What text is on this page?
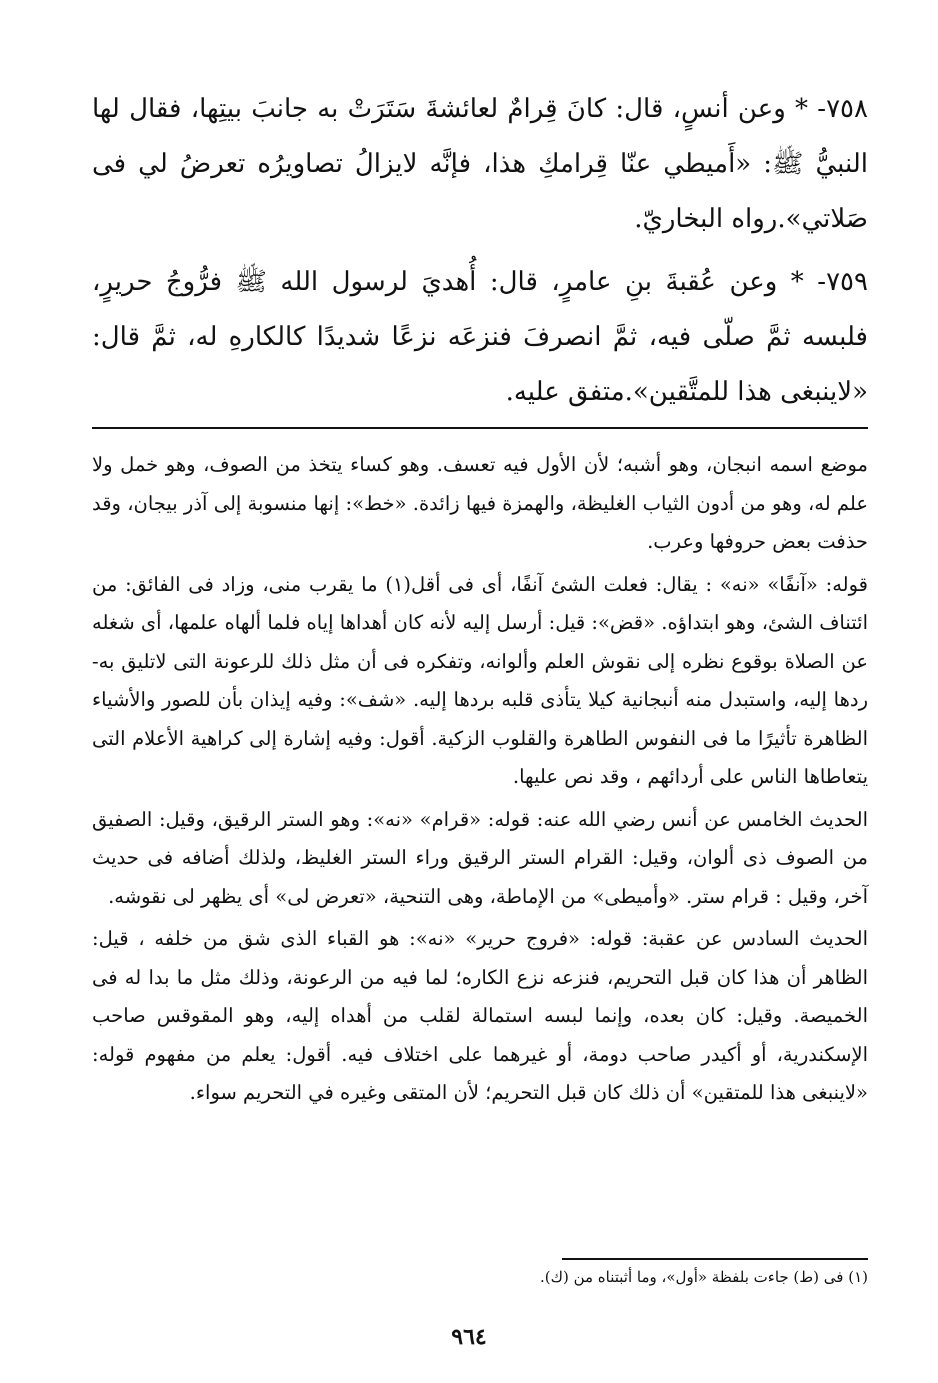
٧٥٨- * وعن أنسٍ، قال: كانَ قِرامٌ لعائشةَ سَتَرَتْ به جانبَ بيتِها، فقال لها النبيُّ ﷺ: «أَميطي عنّا قِرامكِ هذا، فإنَّه لايزالُ تصاويرُه تعرضُ لي فى صَلاتي».رواه البخاريّ.

٧٥٩- * وعن عُقبةَ بنِ عامرٍ، قال: أُهديَ لرسول الله ﷺ فرُّوجُ حريرٍ، فلبسه ثمَّ صلّى فيه، ثمَّ انصرفَ فنزعَه نزعًا شديدًا كالكارهِ له، ثمَّ قال: «لاينبغى هذا للمتَّقين».متفق عليه.

موضع اسمه انبجان، وهو أشبه؛ لأن الأول فيه تعسف. وهو كساء يتخذ من الصوف، وهو خمل ولا علم له، وهو من أدون الثياب الغليظة، والهمزة فيها زائدة. «خط»: إنها منسوبة إلى آذر بيجان، وقد حذفت بعض حروفها وعرب.

قوله: «آنفًا» «نه» : يقال: فعلت الشئ آنفًا، أى فى أقل(١) ما يقرب منى، وزاد فى الفائق: من ائتناف الشئ، وهو ابتداؤه. «قض»: قيل: أرسل إليه لأنه كان أهداها إياه فلما ألهاه علمها، أى شغله عن الصلاة بوقوع نظره إلى نقوش العلم وألوانه، وتفكره فى أن مثل ذلك للرعونة التى لاتليق به-ردها إليه، واستبدل منه أنبجانية كيلا يتأذى قلبه بردها إليه. «شف»: وفيه إيذان بأن للصور والأشياء الظاهرة تأثيرًا ما فى النفوس الطاهرة والقلوب الزكية. أقول: وفيه إشارة إلى كراهية الأعلام التى يتعاطاها الناس على أردائهم ، وقد نص عليها.

الحديث الخامس عن أنس رضي الله عنه: قوله: «قرام» «نه»: وهو الستر الرقيق، وقيل: الصفيق من الصوف ذى ألوان، وقيل: القرام الستر الرقيق وراء الستر الغليظ، ولذلك أضافه فى حديث آخر، وقيل : قرام ستر. «وأميطى» من الإماطة، وهى التنحية، «تعرض لى» أى يظهر لى نقوشه.

الحديث السادس عن عقبة: قوله: «فروج حرير» «نه»: هو القباء الذى شق من خلفه ، قيل: الظاهر أن هذا كان قبل التحريم، فنزعه نزع الكاره؛ لما فيه من الرعونة، وذلك مثل ما بدا له فى الخميصة. وقيل: كان بعده، وإنما لبسه استمالة لقلب من أهداه إليه، وهو المقوقس صاحب الإسكندرية، أو أكيدر صاحب دومة، أو غيرهما على اختلاف فيه. أقول: يعلم من مفهوم قوله: «لاينبغى هذا للمتقين» أن ذلك كان قبل التحريم؛ لأن المتقى وغيره في التحريم سواء.

(١) فى (ط) جاءت بلفظة «أول»، وما أثبتناه من (ك).
٩٦٤
